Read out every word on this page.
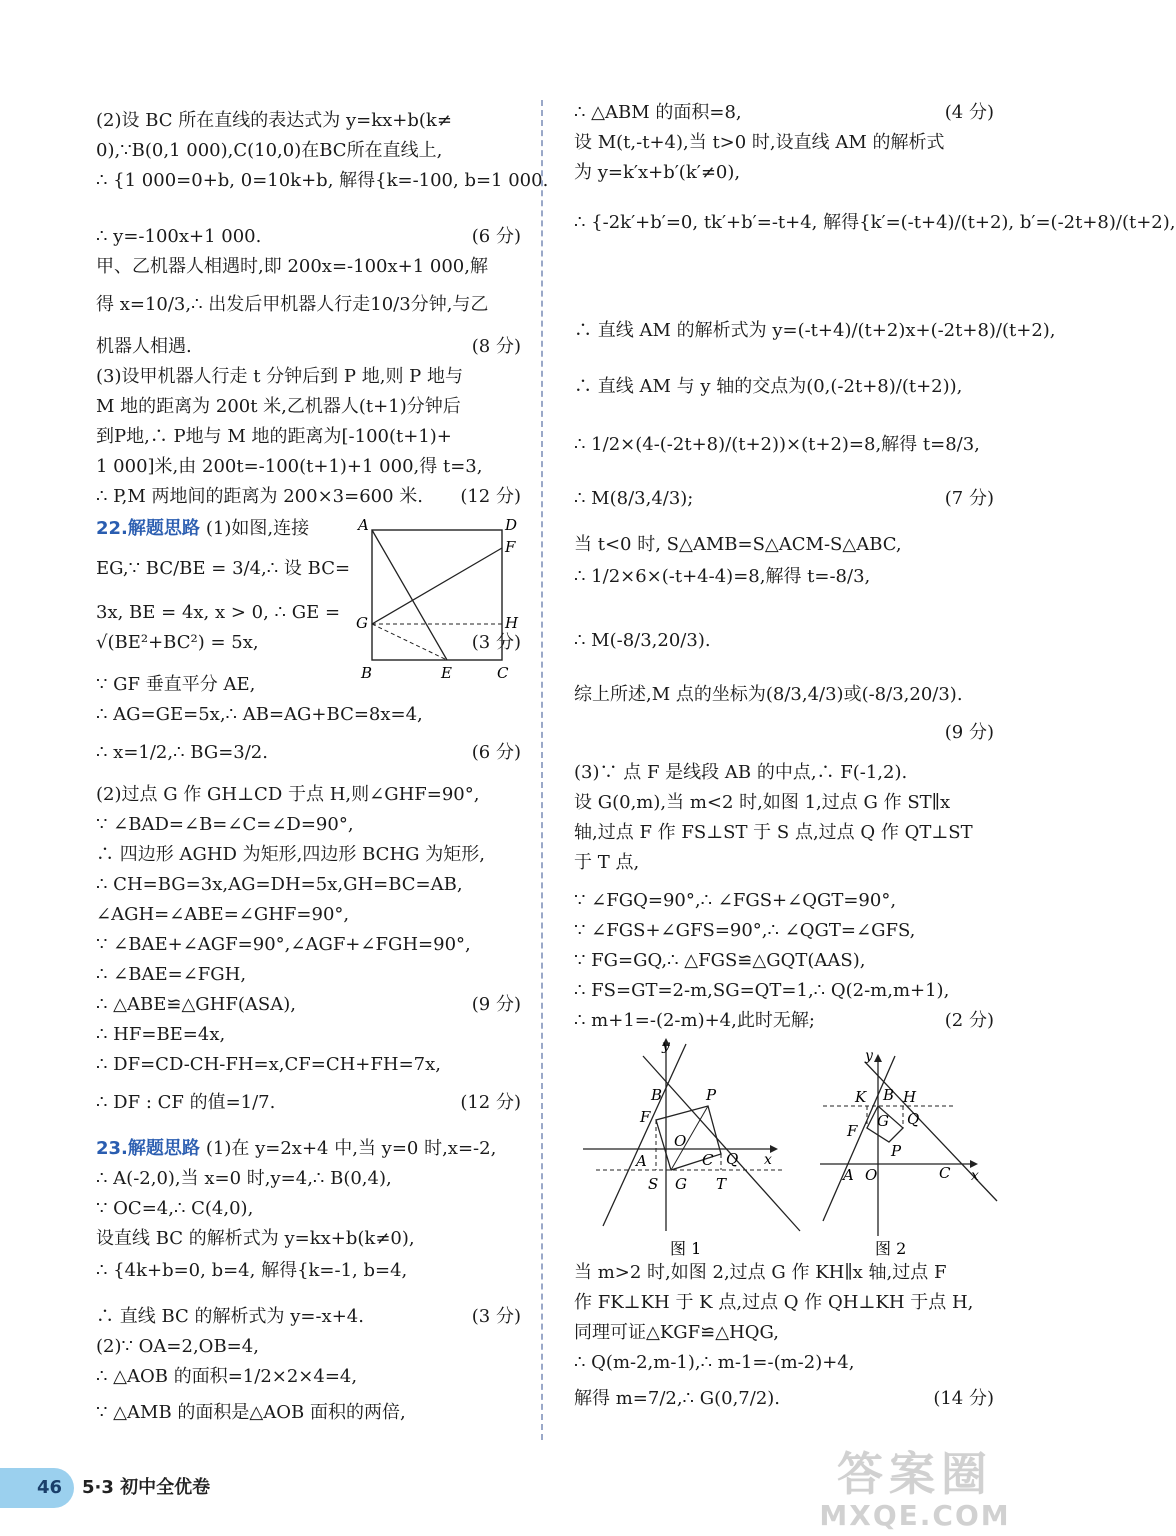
(2)设 BC 所在直线的表达式为 y=kx+b(k≠
0),∵B(0,1 000),C(10,0)在BC所在直线上,
∴ {1 000=0+b, 0=10k+b, 解得{k=-100, b=1 000.
∴ y=-100x+1 000.	(6 分)
甲、乙机器人相遇时,即 200x=-100x+1 000,解
得 x=10/3,∴ 出发后甲机器人行走10/3分钟,与乙
机器人相遇.	(8 分)
(3)设甲机器人行走 t 分钟后到 P 地,则 P 地与
M 地的距离为 200t 米,乙机器人(t+1)分钟后
到P地,∴ P地与 M 地的距离为[-100(t+1)+
1 000]米,由 200t=-100(t+1)+1 000,得 t=3,
∴ P,M 两地间的距离为 200×3=600 米. (12 分)
22.解题思路 (1)如图,连接
EG,∵ BC/BE = 3/4,∴ 设 BC=
3x, BE = 4x, x > 0, ∴ GE =
√(BE²+BC²) = 5x,	(3 分)
∵ GF 垂直平分 AE,
∴ AG=GE=5x,∴ AB=AG+BC=8x=4,
∴ x=1/2,∴ BG=3/2.	(6 分)
(2)过点 G 作 GH⊥CD 于点 H,则∠GHF=90°,
∵ ∠BAD=∠B=∠C=∠D=90°,
∴ 四边形 AGHD 为矩形,四边形 BCHG 为矩形,
∴ CH=BG=3x,AG=DH=5x,GH=BC=AB,
∠AGH=∠ABE=∠GHF=90°,
∵ ∠BAE+∠AGF=90°,∠AGF+∠FGH=90°,
∴ ∠BAE=∠FGH,
∴ △ABE≌△GHF(ASA),	(9 分)
∴ HF=BE=4x,
∴ DF=CD-CH-FH=x,CF=CH+FH=7x,
∴ DF : CF 的值=1/7.	(12 分)
23.解题思路 (1)在 y=2x+4 中,当 y=0 时,x=-2,
∴ A(-2,0),当 x=0 时,y=4,∴ B(0,4),
∵ OC=4,∴ C(4,0),
设直线 BC 的解析式为 y=kx+b(k≠0),
∴ {4k+b=0, b=4, 解得{k=-1, b=4,
∴ 直线 BC 的解析式为 y=-x+4.	(3 分)
(2)∵ OA=2,OB=4,
∴ △AOB 的面积=1/2×2×4=4,
∵ △AMB 的面积是△AOB 面积的两倍,
∴ △ABM 的面积=8,	(4 分)
设 M(t,-t+4),当 t>0 时,设直线 AM 的解析式
为 y=k′x+b′(k′≠0),
∴ {-2k′+b′=0, tk′+b′=-t+4, 解得{k′=(-t+4)/(t+2), b′=(-2t+8)/(t+2),
∴ 直线 AM 的解析式为 y=(-t+4)/(t+2)x+(-2t+8)/(t+2),
∴ 直线 AM 与 y 轴的交点为(0,(-2t+8)/(t+2)),
∴ 1/2×(4-(-2t+8)/(t+2))×(t+2)=8,解得 t=8/3,
∴ M(8/3,4/3);	(7 分)
当 t<0 时, S△AMB=S△ACM-S△ABC,
∴ 1/2×6×(-t+4-4)=8,解得 t=-8/3,
∴ M(-8/3,20/3).
综上所述,M 点的坐标为(8/3,4/3)或(-8/3,20/3).
(9 分)
(3)∵ 点 F 是线段 AB 的中点,∴ F(-1,2).
设 G(0,m),当 m<2 时,如图 1,过点 G 作 ST∥x
轴,过点 F 作 FS⊥ST 于 S 点,过点 Q 作 QT⊥ST
于 T 点,
∵ ∠FGQ=90°,∴ ∠FGS+∠QGT=90°,
∵ ∠FGS+∠GFS=90°,∴ ∠QGT=∠GFS,
∵ FG=GQ,∴ △FGS≌△GQT(AAS),
∴ FS=GT=2-m,SG=QT=1,∴ Q(2-m,m+1),
∴ m+1=-(2-m)+4,此时无解;	(2 分)
当 m>2 时,如图 2,过点 G 作 KH∥x 轴,过点 F
作 FK⊥KH 于 K 点,过点 Q 作 QH⊥KH 于点 H,
同理可证△KGF≌△HQG,
∴ Q(m-2,m-1),∴ m-1=-(m-2)+4,
解得 m=7/2,∴ G(0,7/2).	(14 分)
A	D
F
G	H
B	E	C
y
B	P
F
O
A	C Q x
S G T
图 1
y
K B H
G
F
Q
P
A O	C x
图 2
46	5·3 初中全优卷	答案圈
MXQE.COM
